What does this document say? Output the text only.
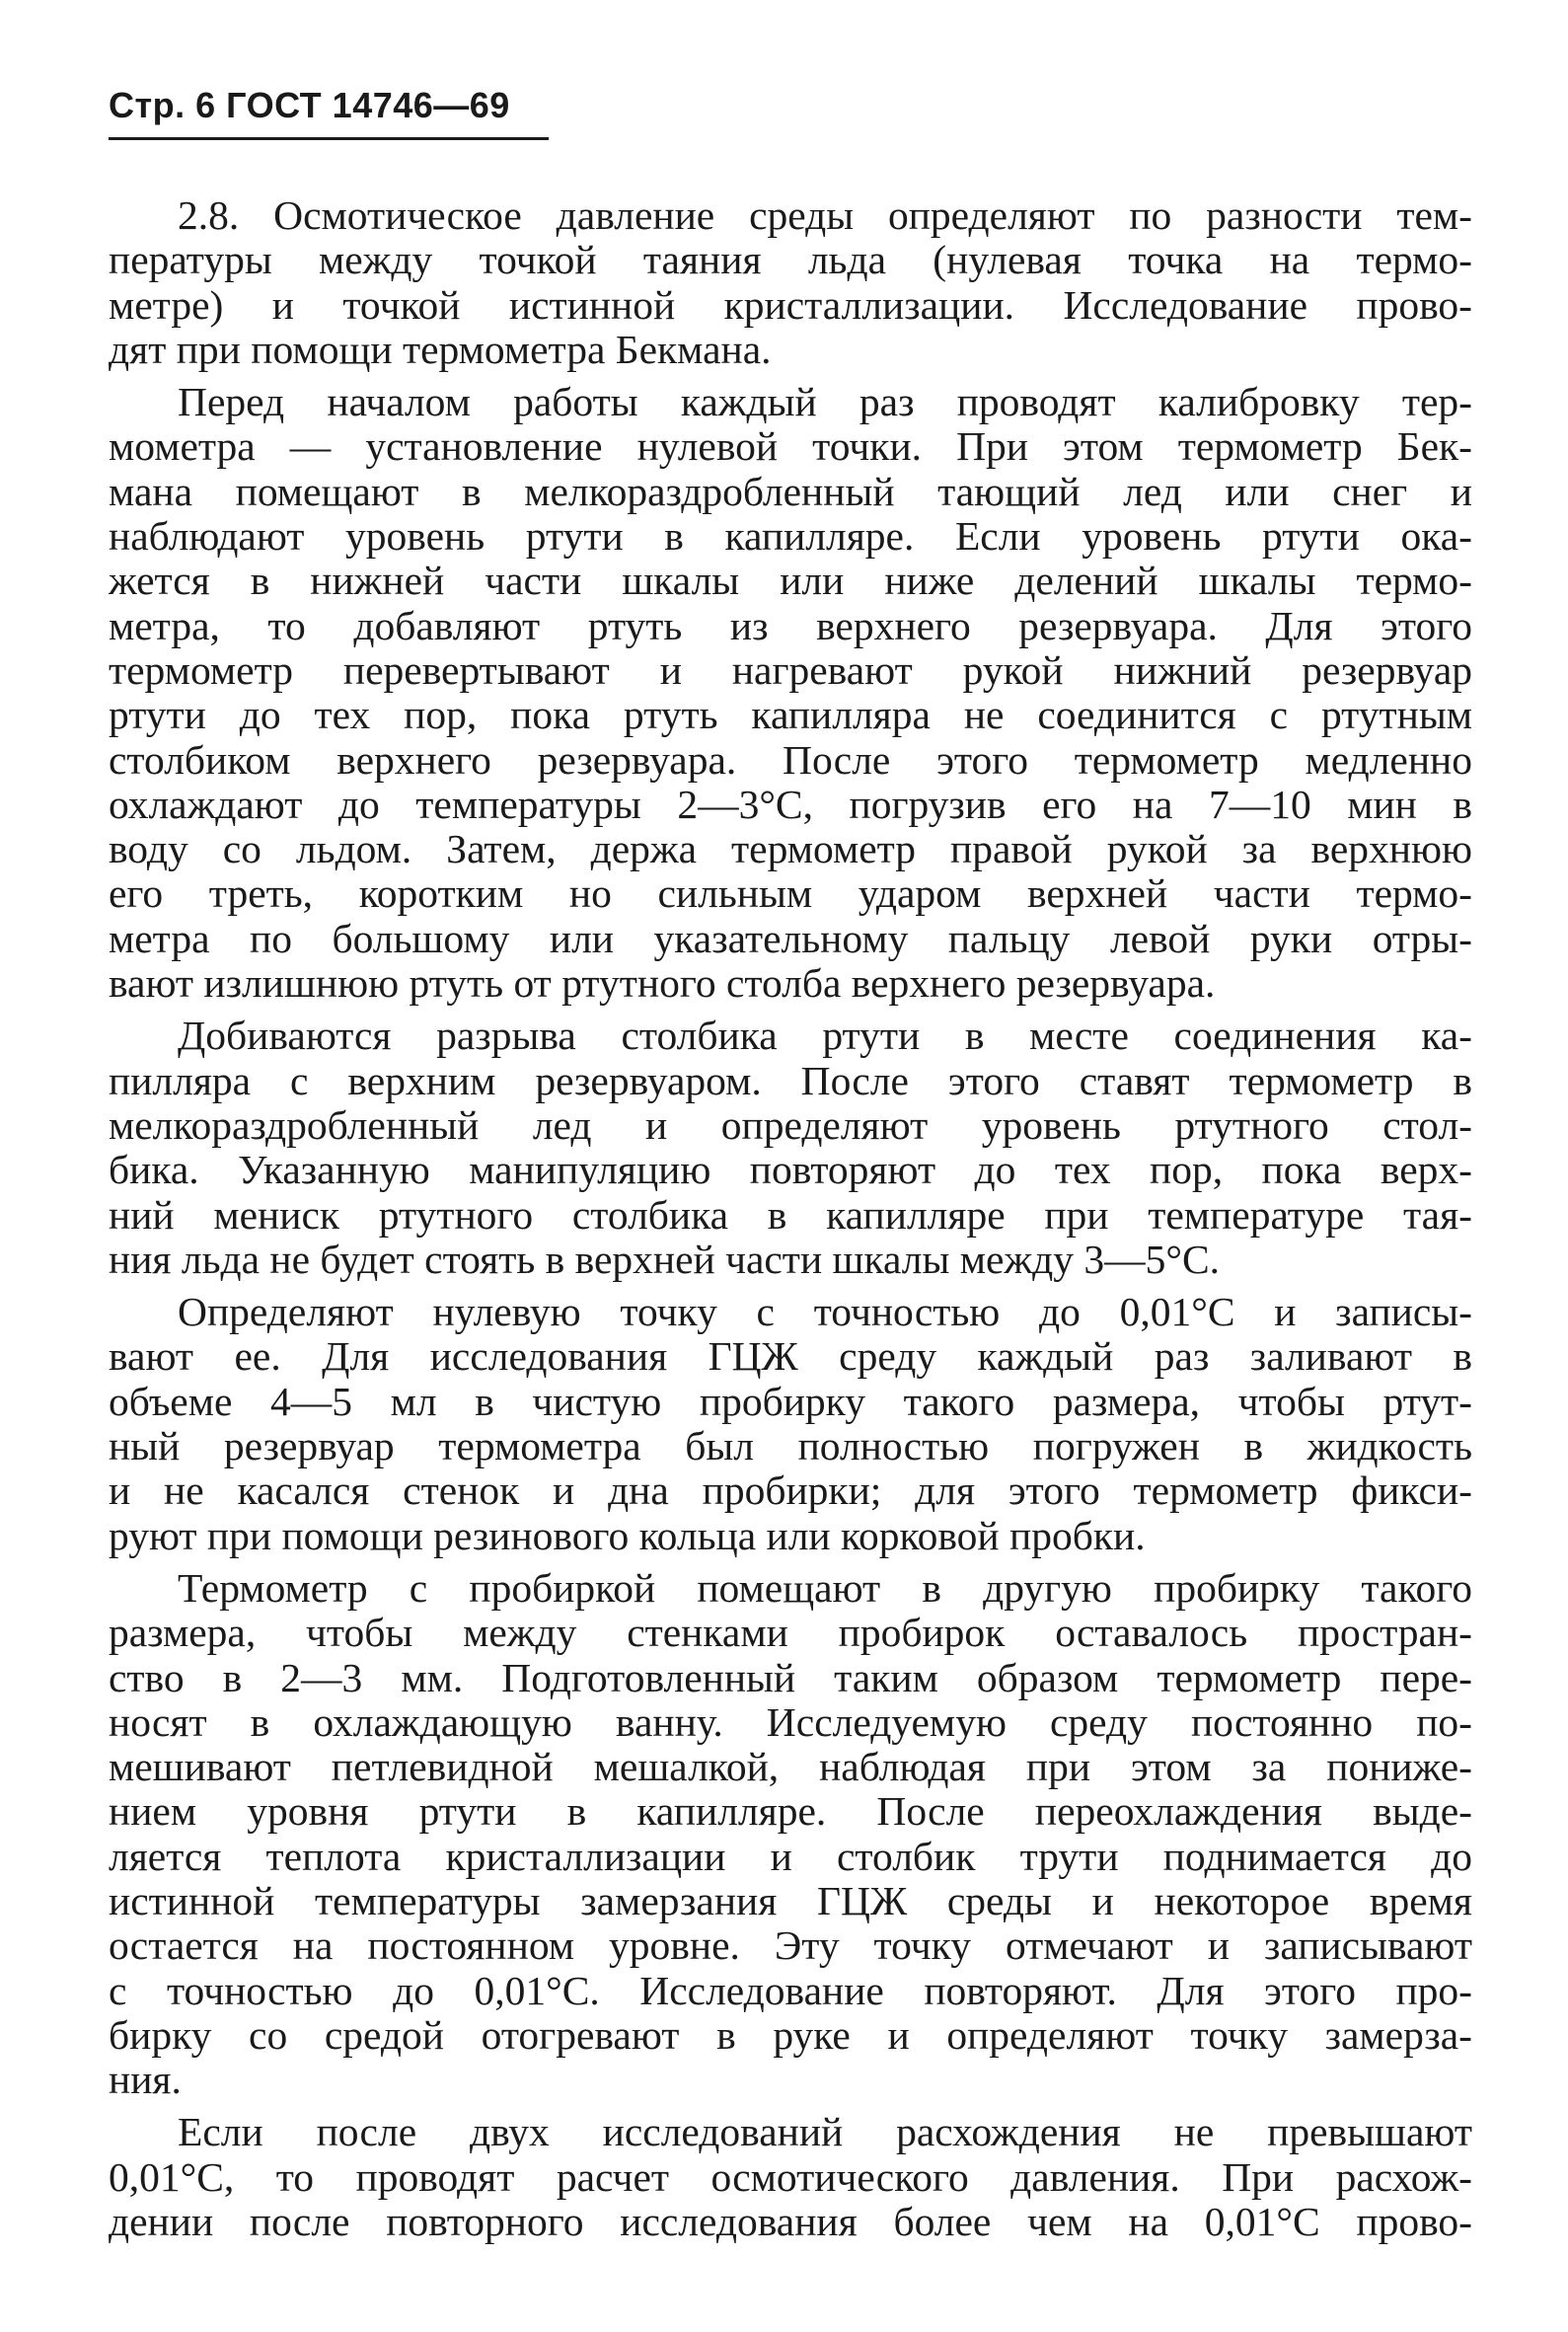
Стр. 6 ГОСТ 14746—69

2.8. Осмотическое давление среды определяют по разности тем-
пературы между точкой таяния льда (нулевая точка на термо-
метре) и точкой истинной кристаллизации. Исследование прово-
дят при помощи термометра Бекмана.

Перед началом работы каждый раз проводят калибровку тер-
мометра — установление нулевой точки. При этом термометр Бек-
мана помещают в мелкораздробленный тающий лед или снег и
наблюдают уровень ртути в капилляре. Если уровень ртути ока-
жется в нижней части шкалы или ниже делений шкалы термо-
метра, то добавляют ртуть из верхнего резервуара. Для этого
термометр перевертывают и нагревают рукой нижний резервуар
ртути до тех пор, пока ртуть капилляра не соединится с ртутным
столбиком верхнего резервуара. После этого термометр медленно
охлаждают до температуры 2—3°С, погрузив его на 7—10 мин в
воду со льдом. Затем, держа термометр правой рукой за верхнюю
его треть, коротким но сильным ударом верхней части термо-
метра по большому или указательному пальцу левой руки отры-
вают излишнюю ртуть от ртутного столба верхнего резервуара.

Добиваются разрыва столбика ртути в месте соединения ка-
пилляра с верхним резервуаром. После этого ставят термометр в
мелкораздробленный лед и определяют уровень ртутного стол-
бика. Указанную манипуляцию повторяют до тех пор, пока верх-
ний мениск ртутного столбика в капилляре при температуре тая-
ния льда не будет стоять в верхней части шкалы между 3—5°С.

Определяют нулевую точку с точностью до 0,01°С и записы-
вают ее. Для исследования ГЦЖ среду каждый раз заливают в
объеме 4—5 мл в чистую пробирку такого размера, чтобы ртут-
ный резервуар термометра был полностью погружен в жидкость
и не касался стенок и дна пробирки; для этого термометр фикси-
руют при помощи резинового кольца или корковой пробки.

Термометр с пробиркой помещают в другую пробирку такого
размера, чтобы между стенками пробирок оставалось простран-
ство в 2—3 мм. Подготовленный таким образом термометр пере-
носят в охлаждающую ванну. Исследуемую среду постоянно по-
мешивают петлевидной мешалкой, наблюдая при этом за пониже-
нием уровня ртути в капилляре. После переохлаждения выде-
ляется теплота кристаллизации и столбик трути поднимается до
истинной температуры замерзания ГЦЖ среды и некоторое время
остается на постоянном уровне. Эту точку отмечают и записывают
с точностью до 0,01°С. Исследование повторяют. Для этого про-
бирку со средой отогревают в руке и определяют точку замерза-
ния.

Если после двух исследований расхождения не превышают
0,01°С, то проводят расчет осмотического давления. При расхож-
дении после повторного исследования более чем на 0,01°С прово-
